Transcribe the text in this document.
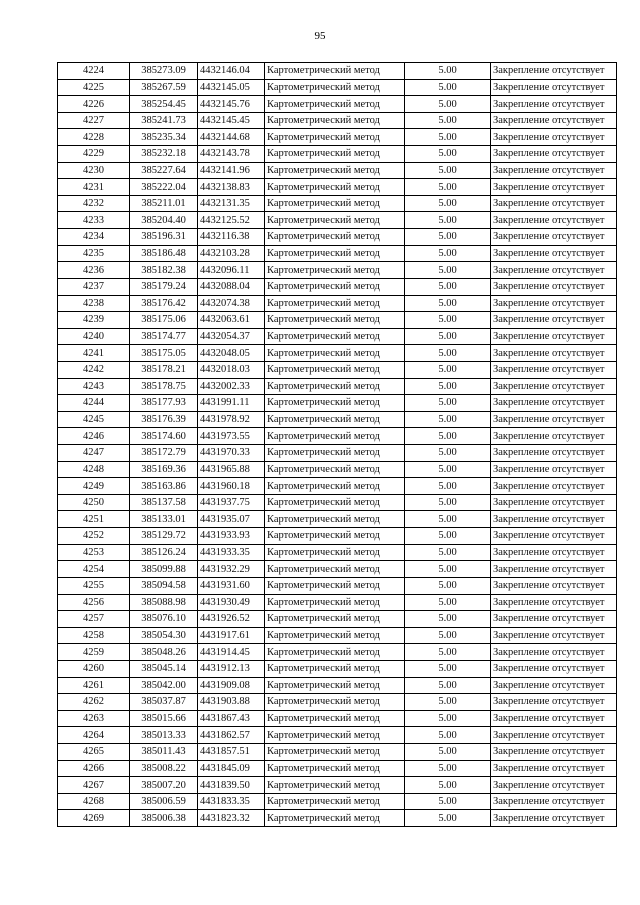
95
4224	385273.09	4432146.04	Картометрический метод	5.00	Закрепление отсутствует
4225	385267.59	4432145.05	Картометрический метод	5.00	Закрепление отсутствует
4226	385254.45	4432145.76	Картометрический метод	5.00	Закрепление отсутствует
4227	385241.73	4432145.45	Картометрический метод	5.00	Закрепление отсутствует
4228	385235.34	4432144.68	Картометрический метод	5.00	Закрепление отсутствует
4229	385232.18	4432143.78	Картометрический метод	5.00	Закрепление отсутствует
4230	385227.64	4432141.96	Картометрический метод	5.00	Закрепление отсутствует
4231	385222.04	4432138.83	Картометрический метод	5.00	Закрепление отсутствует
4232	385211.01	4432131.35	Картометрический метод	5.00	Закрепление отсутствует
4233	385204.40	4432125.52	Картометрический метод	5.00	Закрепление отсутствует
4234	385196.31	4432116.38	Картометрический метод	5.00	Закрепление отсутствует
4235	385186.48	4432103.28	Картометрический метод	5.00	Закрепление отсутствует
4236	385182.38	4432096.11	Картометрический метод	5.00	Закрепление отсутствует
4237	385179.24	4432088.04	Картометрический метод	5.00	Закрепление отсутствует
4238	385176.42	4432074.38	Картометрический метод	5.00	Закрепление отсутствует
4239	385175.06	4432063.61	Картометрический метод	5.00	Закрепление отсутствует
4240	385174.77	4432054.37	Картометрический метод	5.00	Закрепление отсутствует
4241	385175.05	4432048.05	Картометрический метод	5.00	Закрепление отсутствует
4242	385178.21	4432018.03	Картометрический метод	5.00	Закрепление отсутствует
4243	385178.75	4432002.33	Картометрический метод	5.00	Закрепление отсутствует
4244	385177.93	4431991.11	Картометрический метод	5.00	Закрепление отсутствует
4245	385176.39	4431978.92	Картометрический метод	5.00	Закрепление отсутствует
4246	385174.60	4431973.55	Картометрический метод	5.00	Закрепление отсутствует
4247	385172.79	4431970.33	Картометрический метод	5.00	Закрепление отсутствует
4248	385169.36	4431965.88	Картометрический метод	5.00	Закрепление отсутствует
4249	385163.86	4431960.18	Картометрический метод	5.00	Закрепление отсутствует
4250	385137.58	4431937.75	Картометрический метод	5.00	Закрепление отсутствует
4251	385133.01	4431935.07	Картометрический метод	5.00	Закрепление отсутствует
4252	385129.72	4431933.93	Картометрический метод	5.00	Закрепление отсутствует
4253	385126.24	4431933.35	Картометрический метод	5.00	Закрепление отсутствует
4254	385099.88	4431932.29	Картометрический метод	5.00	Закрепление отсутствует
4255	385094.58	4431931.60	Картометрический метод	5.00	Закрепление отсутствует
4256	385088.98	4431930.49	Картометрический метод	5.00	Закрепление отсутствует
4257	385076.10	4431926.52	Картометрический метод	5.00	Закрепление отсутствует
4258	385054.30	4431917.61	Картометрический метод	5.00	Закрепление отсутствует
4259	385048.26	4431914.45	Картометрический метод	5.00	Закрепление отсутствует
4260	385045.14	4431912.13	Картометрический метод	5.00	Закрепление отсутствует
4261	385042.00	4431909.08	Картометрический метод	5.00	Закрепление отсутствует
4262	385037.87	4431903.88	Картометрический метод	5.00	Закрепление отсутствует
4263	385015.66	4431867.43	Картометрический метод	5.00	Закрепление отсутствует
4264	385013.33	4431862.57	Картометрический метод	5.00	Закрепление отсутствует
4265	385011.43	4431857.51	Картометрический метод	5.00	Закрепление отсутствует
4266	385008.22	4431845.09	Картометрический метод	5.00	Закрепление отсутствует
4267	385007.20	4431839.50	Картометрический метод	5.00	Закрепление отсутствует
4268	385006.59	4431833.35	Картометрический метод	5.00	Закрепление отсутствует
4269	385006.38	4431823.32	Картометрический метод	5.00	Закрепление отсутствует
